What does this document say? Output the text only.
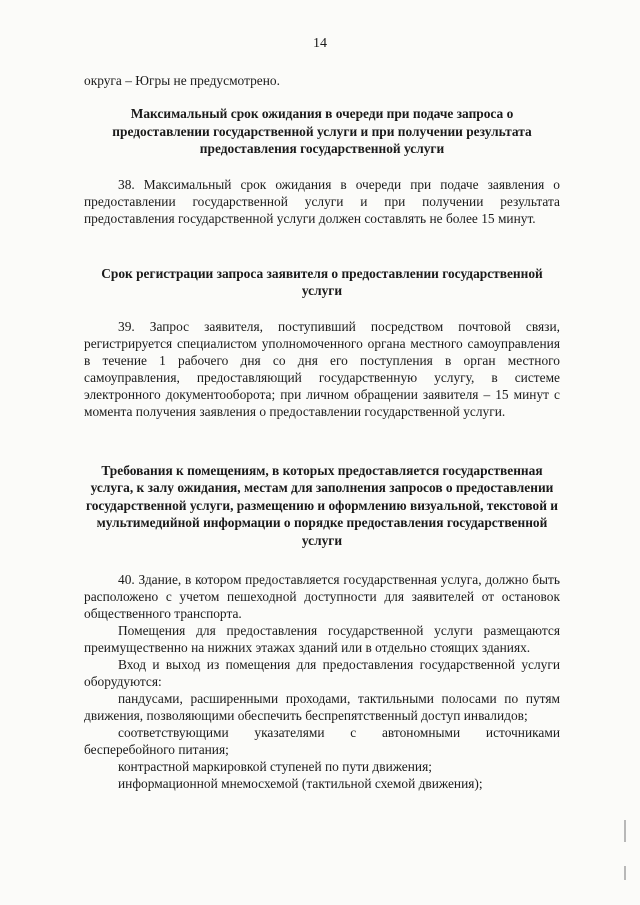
14

округа – Югры не предусмотрено.

Максимальный срок ожидания в очереди при подаче запроса о предоставлении государственной услуги и при получении результата предоставления государственной услуги

38. Максимальный срок ожидания в очереди при подаче заявления о предоставлении государственной услуги и при получении результата предоставления государственной услуги должен составлять не более 15 минут.

Срок регистрации запроса заявителя о предоставлении государственной услуги

39. Запрос заявителя, поступивший посредством почтовой связи, регистрируется специалистом уполномоченного органа местного самоуправления в течение 1 рабочего дня со дня его поступления в орган местного самоуправления, предоставляющий государственную услугу, в системе электронного документооборота; при личном обращении заявителя – 15 минут с момента получения заявления о предоставлении государственной услуги.

Требования к помещениям, в которых предоставляется государственная услуга, к залу ожидания, местам для заполнения запросов о предоставлении государственной услуги, размещению и оформлению визуальной, текстовой и мультимедийной информации о порядке предоставления государственной услуги

40. Здание, в котором предоставляется государственная услуга, должно быть расположено с учетом пешеходной доступности для заявителей от остановок общественного транспорта.

Помещения для предоставления государственной услуги размещаются преимущественно на нижних этажах зданий или в отдельно стоящих зданиях.

Вход и выход из помещения для предоставления государственной услуги оборудуются:

пандусами, расширенными проходами, тактильными полосами по путям движения, позволяющими обеспечить беспрепятственный доступ инвалидов;

соответствующими указателями с автономными источниками бесперебойного питания;

контрастной маркировкой ступеней по пути движения;

информационной мнемосхемой (тактильной схемой движения);
